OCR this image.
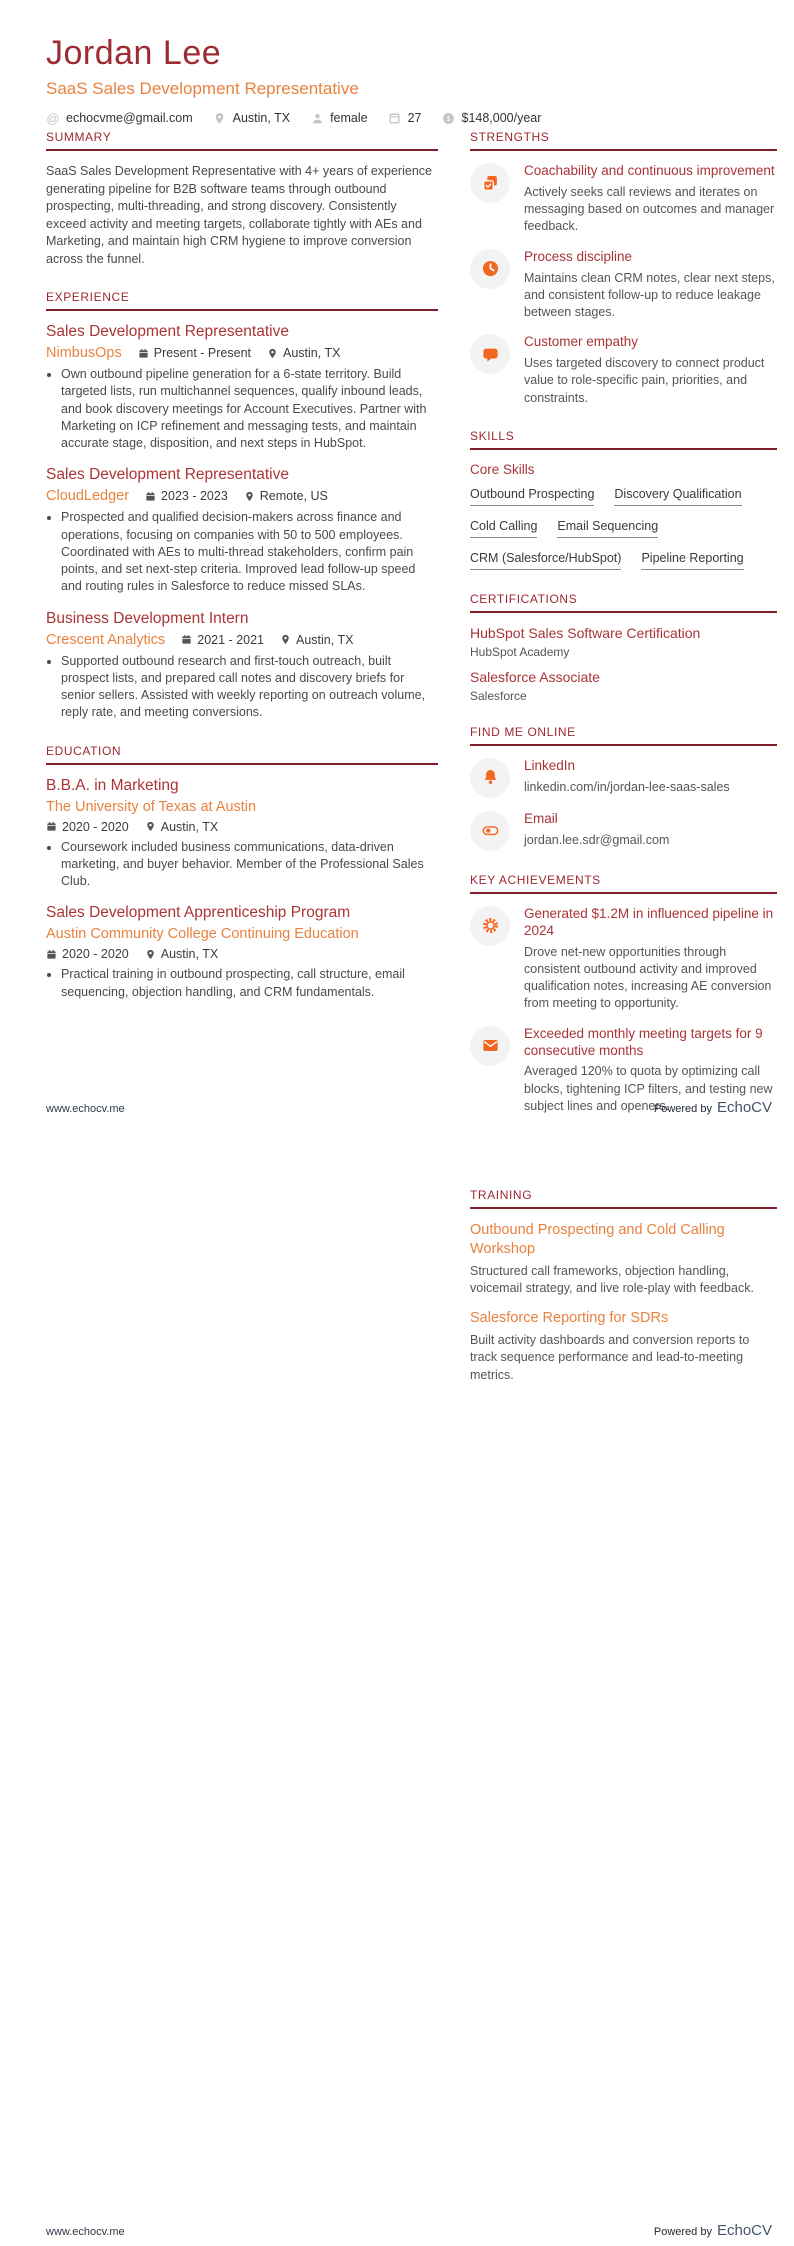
Jordan Lee
SaaS Sales Development Representative
@ echocvme@gmail.com	Austin, TX	female	27 $ $148,000/year
SUMMARY

SaaS Sales Development Representative with 4+ years of experience generating pipeline for B2B software teams through outbound prospecting, multi-threading, and strong discovery. Consistently exceed activity and meeting targets, collaborate tightly with AEs and Marketing, and maintain high CRM hygiene to improve conversion across the funnel.

EXPERIENCE
Sales Development Representative
NimbusOps	Present - Present	Austin, TX
• Own outbound pipeline generation for a 6-state territory. Build targeted lists, run multichannel sequences, qualify inbound leads, and book discovery meetings for Account Executives. Partner with Marketing on ICP refinement and messaging tests, and maintain accurate stage, disposition, and next steps in HubSpot.
Sales Development Representative
CloudLedger	2023 - 2023	Remote, US
• Prospected and qualified decision-makers across finance and operations, focusing on companies with 50 to 500 employees. Coordinated with AEs to multi-thread stakeholders, confirm pain points, and set next-step criteria. Improved lead follow-up speed and routing rules in Salesforce to reduce missed SLAs.
Business Development Intern
Crescent Analytics	2021 - 2021	Austin, TX
• Supported outbound research and first-touch outreach, built prospect lists, and prepared call notes and discovery briefs for senior sellers. Assisted with weekly reporting on outreach volume, reply rate, and meeting conversions.
EDUCATION
B.B.A. in Marketing
The University of Texas at Austin
2020 - 2020	Austin, TX
• Coursework included business communications, data-driven marketing, and buyer behavior. Member of the Professional Sales Club.
Sales Development Apprenticeship Program
Austin Community College Continuing Education
2020 - 2020	Austin, TX
• Practical training in outbound prospecting, call structure, email sequencing, objection handling, and CRM fundamentals.
STRENGTHS
Coachability and continuous improvement
Actively seeks call reviews and iterates on messaging based on outcomes and manager feedback.
Process discipline
Maintains clean CRM notes, clear next steps, and consistent follow-up to reduce leakage between stages.
Customer empathy
Uses targeted discovery to connect product value to role-specific pain, priorities, and constraints.
SKILLS
Core Skills
Outbound Prospecting Discovery Qualification
Cold Calling Email Sequencing
CRM (Salesforce/HubSpot) Pipeline Reporting
CERTIFICATIONS
HubSpot Sales Software Certification
HubSpot Academy
Salesforce Associate
Salesforce
FIND ME ONLINE
LinkedIn
linkedin.com/in/jordan-lee-saas-sales
Email
jordan.lee.sdr@gmail.com
KEY ACHIEVEMENTS
Generated $1.2M in influenced pipeline in 2024
Drove net-new opportunities through consistent outbound activity and improved qualification notes, increasing AE conversion from meeting to opportunity.
Exceeded monthly meeting targets for 9 consecutive months
Averaged 120% to quota by optimizing call blocks, tightening ICP filters, and testing new subject lines and openers.
www.echocv.me	Powered by EchoCV
TRAINING
Outbound Prospecting and Cold Calling Workshop
Structured call frameworks, objection handling, voicemail strategy, and live role-play with feedback.
Salesforce Reporting for SDRs
Built activity dashboards and conversion reports to track sequence performance and lead-to-meeting metrics.
www.echocv.me	Powered by EchoCV
